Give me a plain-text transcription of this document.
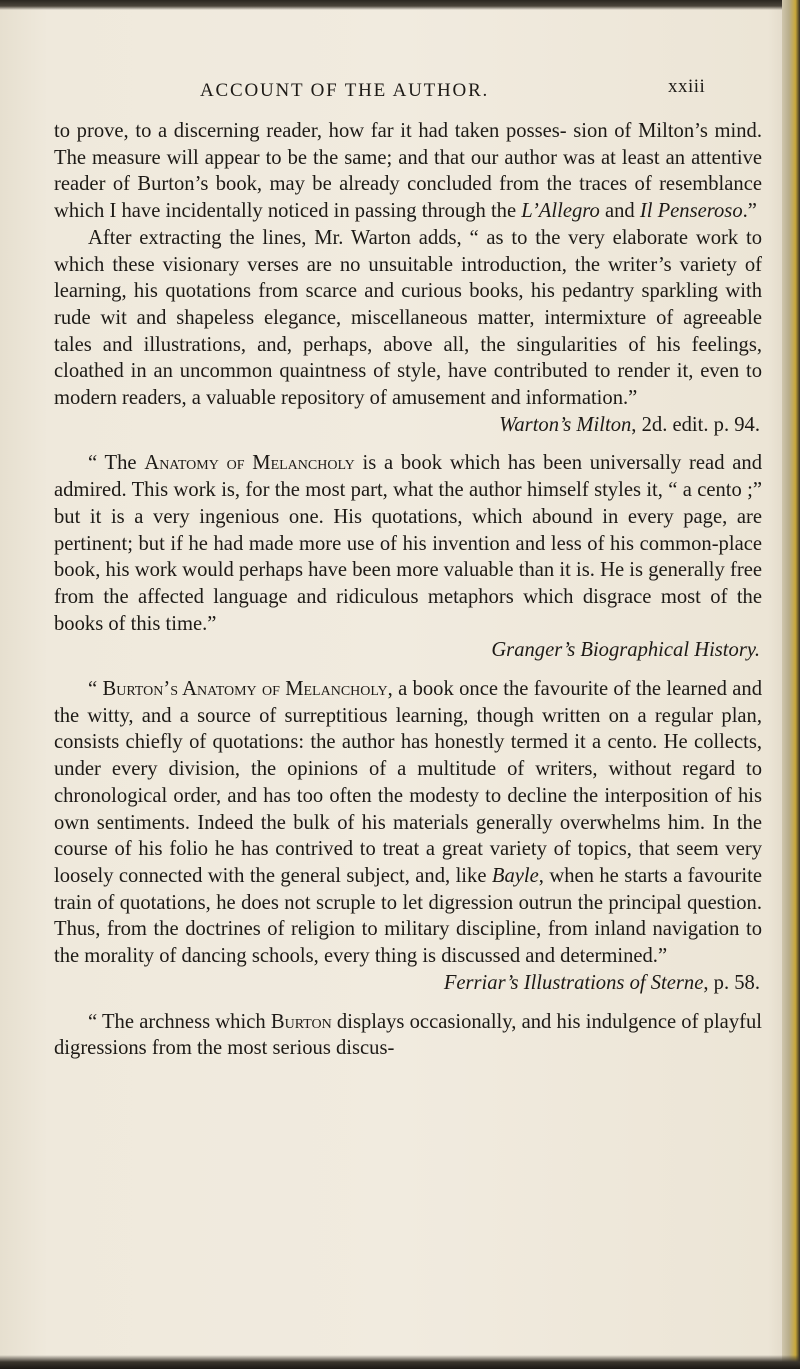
ACCOUNT OF THE AUTHOR.	xxiii

to prove, to a discerning reader, how far it had taken posses- sion of Milton’s mind. The measure will appear to be the same; and that our author was at least an attentive reader of Burton’s book, may be already concluded from the traces of resemblance which I have incidentally noticed in passing through the L’Allegro and Il Penseroso.”

After extracting the lines, Mr. Warton adds, “ as to the very elaborate work to which these visionary verses are no unsuitable introduction, the writer’s variety of learning, his quotations from scarce and curious books, his pedantry sparkling with rude wit and shapeless elegance, miscellaneous matter, intermixture of agreeable tales and illustrations, and, perhaps, above all, the singularities of his feelings, cloathed in an uncommon quaintness of style, have contributed to render it, even to modern readers, a valuable repository of amusement and information.”
Warton’s Milton, 2d. edit. p. 94.

“ The Anatomy of Melancholy is a book which has been universally read and admired. This work is, for the most part, what the author himself styles it, “ a cento ;” but it is a very ingenious one. His quotations, which abound in every page, are pertinent; but if he had made more use of his invention and less of his common-place book, his work would perhaps have been more valuable than it is. He is generally free from the affected language and ridiculous metaphors which disgrace most of the books of this time.”
Granger’s Biographical History.

“ Burton’s Anatomy of Melancholy, a book once the favourite of the learned and the witty, and a source of surreptitious learning, though written on a regular plan, consists chiefly of quotations: the author has honestly termed it a cento. He collects, under every division, the opinions of a multitude of writers, without regard to chronological order, and has too often the modesty to decline the interposition of his own sentiments. Indeed the bulk of his materials generally overwhelms him. In the course of his folio he has contrived to treat a great variety of topics, that seem very loosely connected with the general subject, and, like Bayle, when he starts a favourite train of quotations, he does not scruple to let digression outrun the principal question. Thus, from the doctrines of religion to military discipline, from inland navigation to the morality of dancing schools, every thing is discussed and determined.”
Ferriar’s Illustrations of Sterne, p. 58.

“ The archness which Burton displays occasionally, and his indulgence of playful digressions from the most serious discus-
